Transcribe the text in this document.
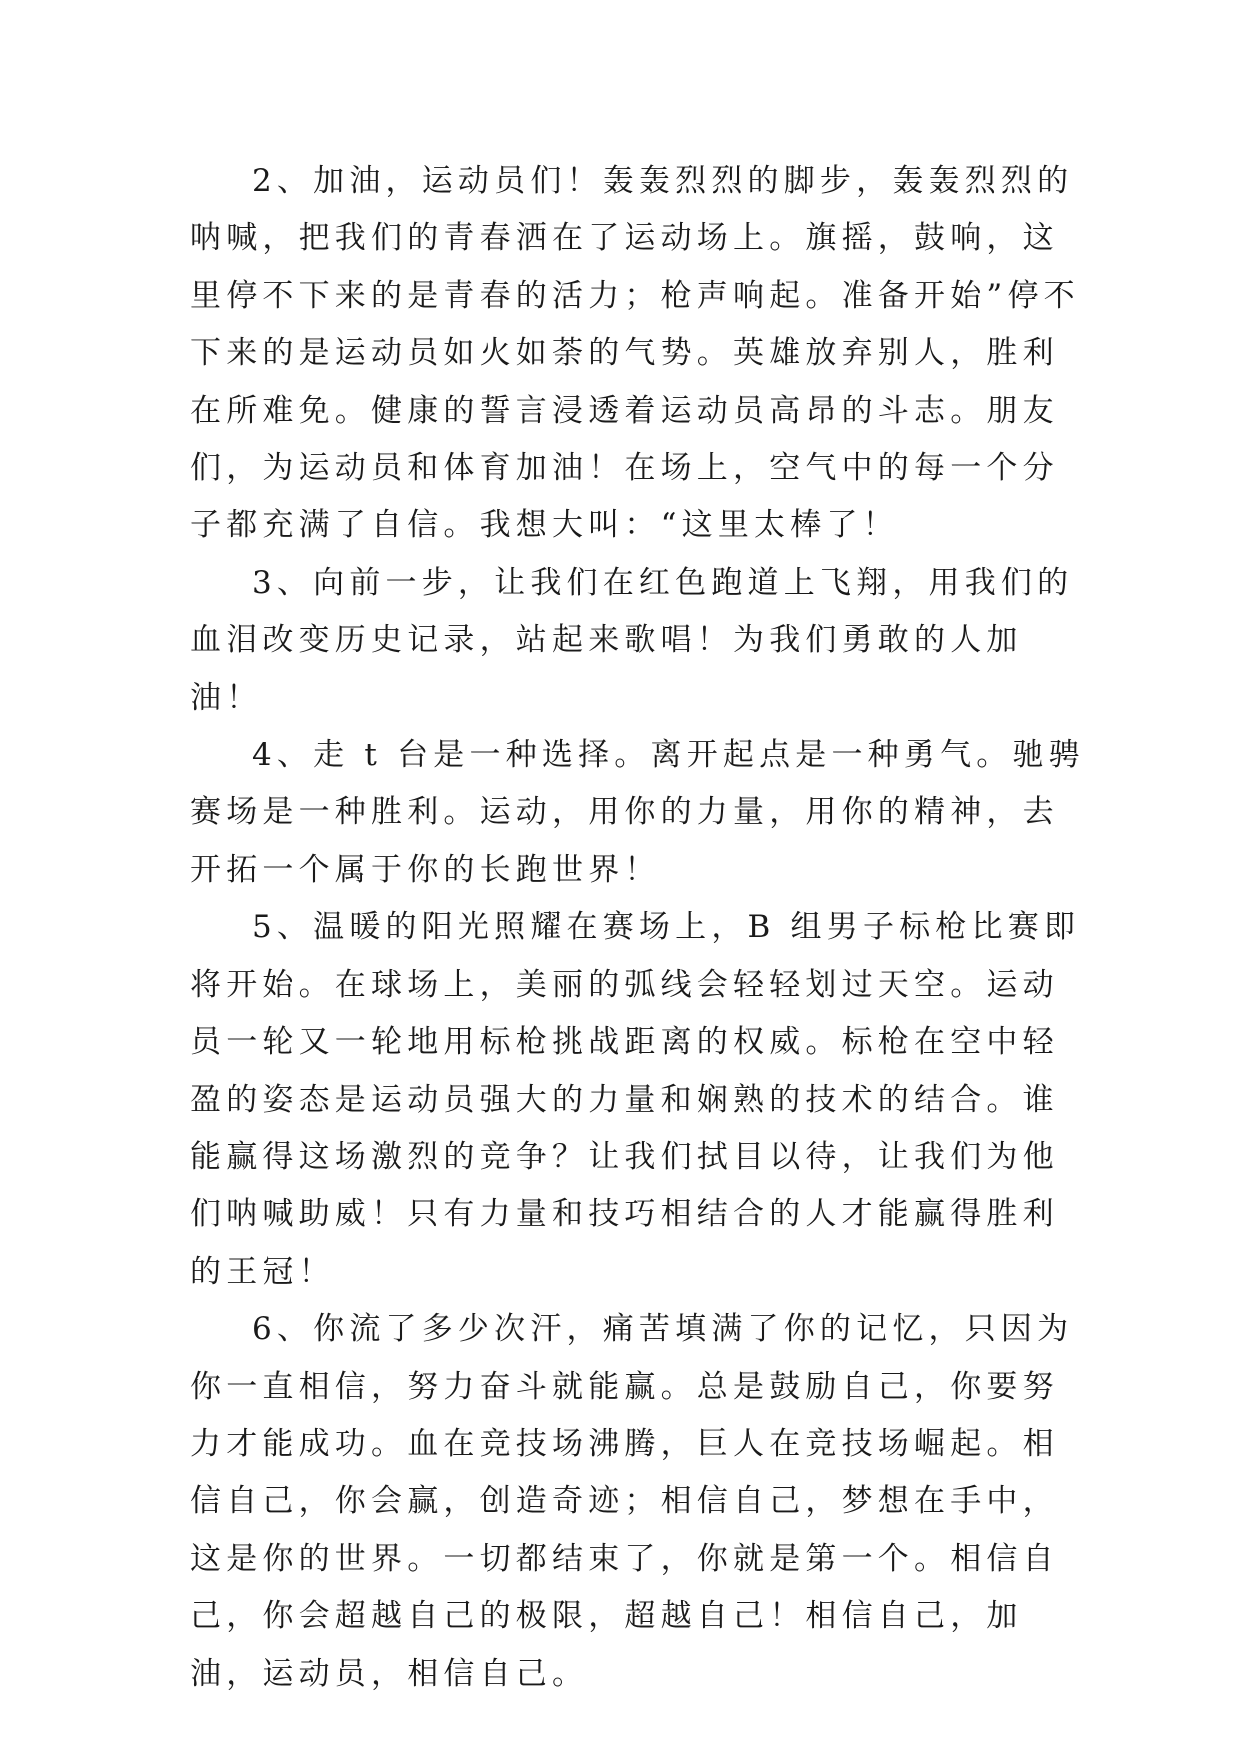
2、加油，运动员们！轰轰烈烈的脚步，轰轰烈烈的呐喊，把我们的青春洒在了运动场上。旗摇，鼓响，这里停不下来的是青春的活力；枪声响起。准备开始”停不下来的是运动员如火如荼的气势。英雄放弃别人，胜利在所难免。健康的誓言浸透着运动员高昂的斗志。朋友们，为运动员和体育加油！在场上，空气中的每一个分子都充满了自信。我想大叫：“这里太棒了！

3、向前一步，让我们在红色跑道上飞翔，用我们的血泪改变历史记录，站起来歌唱！为我们勇敢的人加油！

4、走 t 台是一种选择。离开起点是一种勇气。驰骋赛场是一种胜利。运动，用你的力量，用你的精神，去开拓一个属于你的长跑世界！

5、温暖的阳光照耀在赛场上，B 组男子标枪比赛即将开始。在球场上，美丽的弧线会轻轻划过天空。运动员一轮又一轮地用标枪挑战距离的权威。标枪在空中轻盈的姿态是运动员强大的力量和娴熟的技术的结合。谁能赢得这场激烈的竞争？让我们拭目以待，让我们为他们呐喊助威！只有力量和技巧相结合的人才能赢得胜利的王冠！

6、你流了多少次汗，痛苦填满了你的记忆，只因为你一直相信，努力奋斗就能赢。总是鼓励自己，你要努力才能成功。血在竞技场沸腾，巨人在竞技场崛起。相信自己，你会赢，创造奇迹；相信自己，梦想在手中，这是你的世界。一切都结束了，你就是第一个。相信自己，你会超越自己的极限，超越自己！相信自己，加油，运动员，相信自己。
